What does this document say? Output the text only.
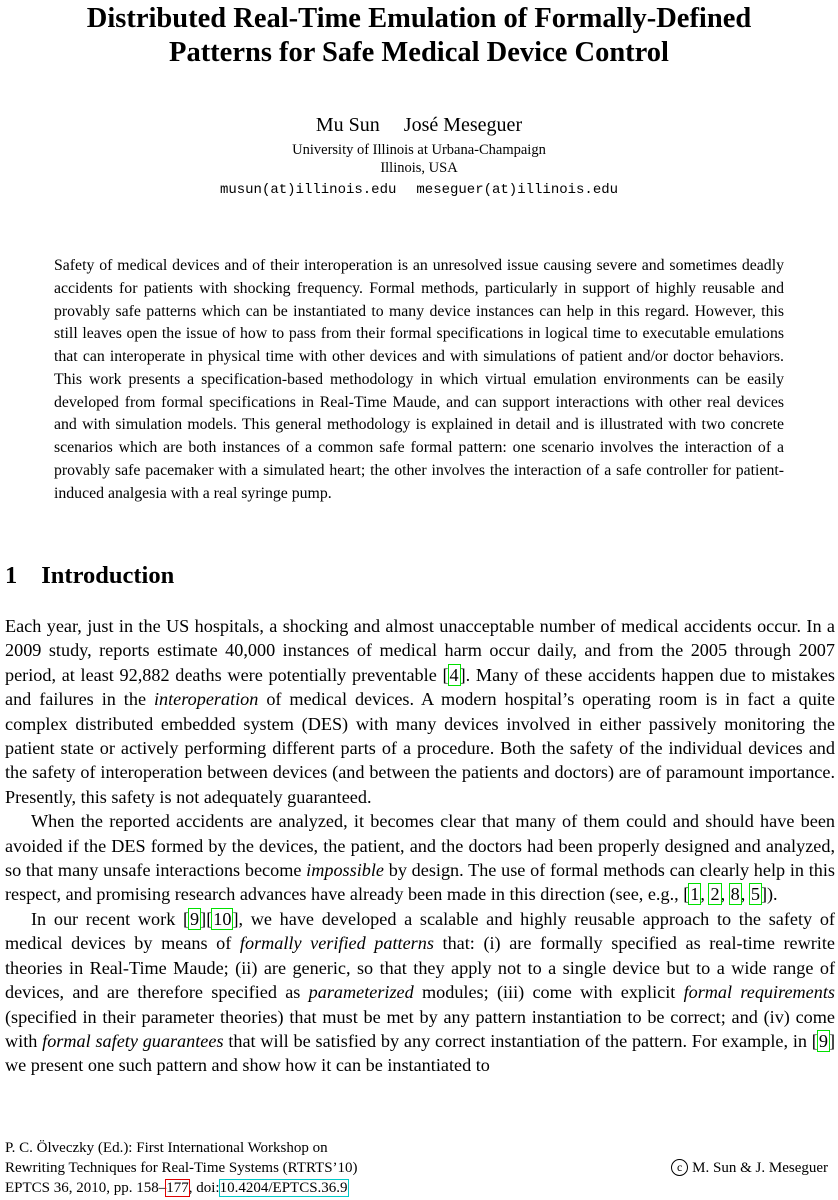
Distributed Real-Time Emulation of Formally-Defined
Patterns for Safe Medical Device Control
Mu Sun José Meseguer
University of Illinois at Urbana-Champaign
Illinois, USA
musun(at)illinois.edu meseguer(at)illinois.edu
Safety of medical devices and of their interoperation is an unresolved issue causing severe and sometimes deadly accidents for patients with shocking frequency. Formal methods, particularly in support of highly reusable and provably safe patterns which can be instantiated to many device instances can help in this regard. However, this still leaves open the issue of how to pass from their formal specifications in logical time to executable emulations that can interoperate in physical time with other devices and with simulations of patient and/or doctor behaviors. This work presents a specification-based methodology in which virtual emulation environments can be easily developed from formal specifications in Real-Time Maude, and can support interactions with other real devices and with simulation models. This general methodology is explained in detail and is illustrated with two concrete scenarios which are both instances of a common safe formal pattern: one scenario involves the interaction of a provably safe pacemaker with a simulated heart; the other involves the interaction of a safe controller for patient-induced analgesia with a real syringe pump.
1 Introduction

Each year, just in the US hospitals, a shocking and almost unacceptable number of medical accidents occur. In a 2009 study, reports estimate 40,000 instances of medical harm occur daily, and from the 2005 through 2007 period, at least 92,882 deaths were potentially preventable [4]. Many of these accidents happen due to mistakes and failures in the interoperation of medical devices. A modern hospital’s operating room is in fact a quite complex distributed embedded system (DES) with many devices involved in either passively monitoring the patient state or actively performing different parts of a procedure. Both the safety of the individual devices and the safety of interoperation between devices (and between the patients and doctors) are of paramount importance. Presently, this safety is not adequately guaranteed.

When the reported accidents are analyzed, it becomes clear that many of them could and should have been avoided if the DES formed by the devices, the patient, and the doctors had been properly designed and analyzed, so that many unsafe interactions become impossible by design. The use of formal methods can clearly help in this respect, and promising research advances have already been made in this direction (see, e.g., [1, 2, 8, 5]).

In our recent work [9][10], we have developed a scalable and highly reusable approach to the safety of medical devices by means of formally verified patterns that: (i) are formally specified as real-time rewrite theories in Real-Time Maude; (ii) are generic, so that they apply not to a single device but to a wide range of devices, and are therefore specified as parameterized modules; (iii) come with explicit formal requirements (specified in their parameter theories) that must be met by any pattern instantiation to be correct; and (iv) come with formal safety guarantees that will be satisfied by any correct instantiation of the pattern. For example, in [9] we present one such pattern and show how it can be instantiated to

P. C. Ölveczky (Ed.): First International Workshop on
Rewriting Techniques for Real-Time Systems (RTRTS’10)
EPTCS 36, 2010, pp. 158–177, doi:10.4204/EPTCS.36.9
c M. Sun & J. Meseguer
